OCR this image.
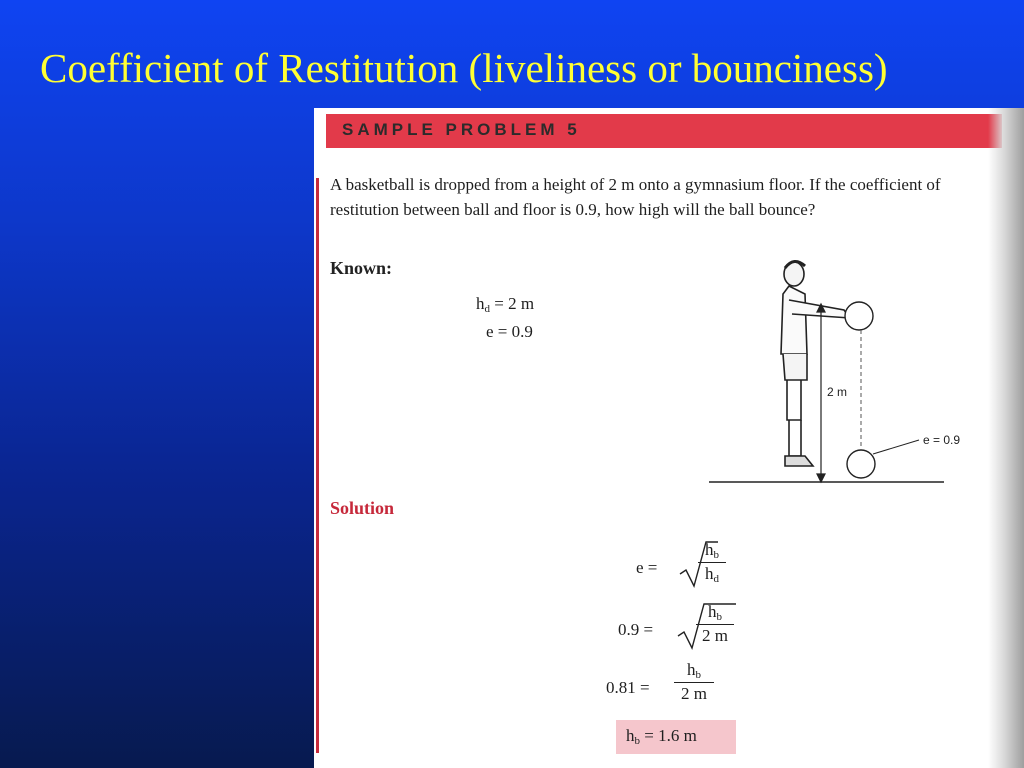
Coefficient of Restitution (liveliness or bounciness)
SAMPLE PROBLEM 5
A basketball is dropped from a height of 2 m onto a gymnasium floor. If the coefficient of restitution between ball and floor is 0.9, how high will the ball bounce?
Known:
$h_d = 2$ m
e = 0.9
2 m
e = 0.9
Solution
$e = \frac{h_b}{h_d}$
0.9 =	$\frac{h_b}{2 m}$
$0.81 = \frac{h_b}{2 m}$
$h_b = 1.6$ m
